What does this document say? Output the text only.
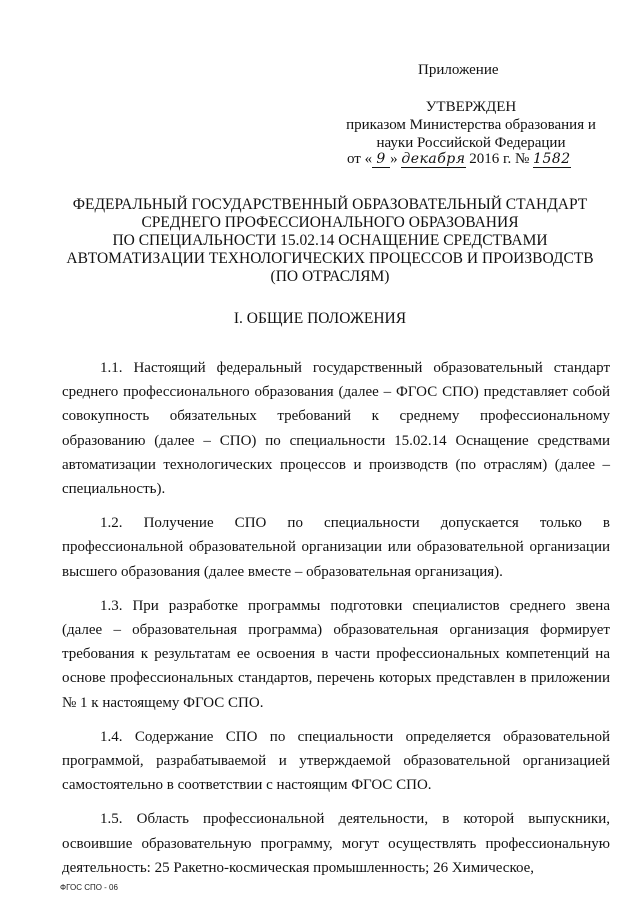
Приложение
УТВЕРЖДЕН
приказом Министерства образования и
науки Российской Федерации
от « 9 » декабря 2016 г. № 1582
ФЕДЕРАЛЬНЫЙ ГОСУДАРСТВЕННЫЙ ОБРАЗОВАТЕЛЬНЫЙ СТАНДАРТ
СРЕДНЕГО ПРОФЕССИОНАЛЬНОГО ОБРАЗОВАНИЯ
ПО СПЕЦИАЛЬНОСТИ 15.02.14 ОСНАЩЕНИЕ СРЕДСТВАМИ
АВТОМАТИЗАЦИИ ТЕХНОЛОГИЧЕСКИХ ПРОЦЕССОВ И ПРОИЗВОДСТВ
(ПО ОТРАСЛЯМ)
I. ОБЩИЕ ПОЛОЖЕНИЯ

1.1. Настоящий федеральный государственный образовательный стандарт среднего профессионального образования (далее – ФГОС СПО) представляет собой совокупность обязательных требований к среднему профессиональному образованию (далее – СПО) по специальности 15.02.14 Оснащение средствами автоматизации технологических процессов и производств (по отраслям) (далее – специальность).

1.2. Получение СПО по специальности допускается только в профессиональной образовательной организации или образовательной организации высшего образования (далее вместе – образовательная организация).

1.3. При разработке программы подготовки специалистов среднего звена (далее – образовательная программа) образовательная организация формирует требования к результатам ее освоения в части профессиональных компетенций на основе профессиональных стандартов, перечень которых представлен в приложении № 1 к настоящему ФГОС СПО.

1.4. Содержание СПО по специальности определяется образовательной программой, разрабатываемой и утверждаемой образовательной организацией самостоятельно в соответствии с настоящим ФГОС СПО.

1.5. Область профессиональной деятельности, в которой выпускники, освоившие образовательную программу, могут осуществлять профессиональную деятельность: 25 Ракетно-космическая промышленность; 26 Химическое,

ФГОС СПО - 06
